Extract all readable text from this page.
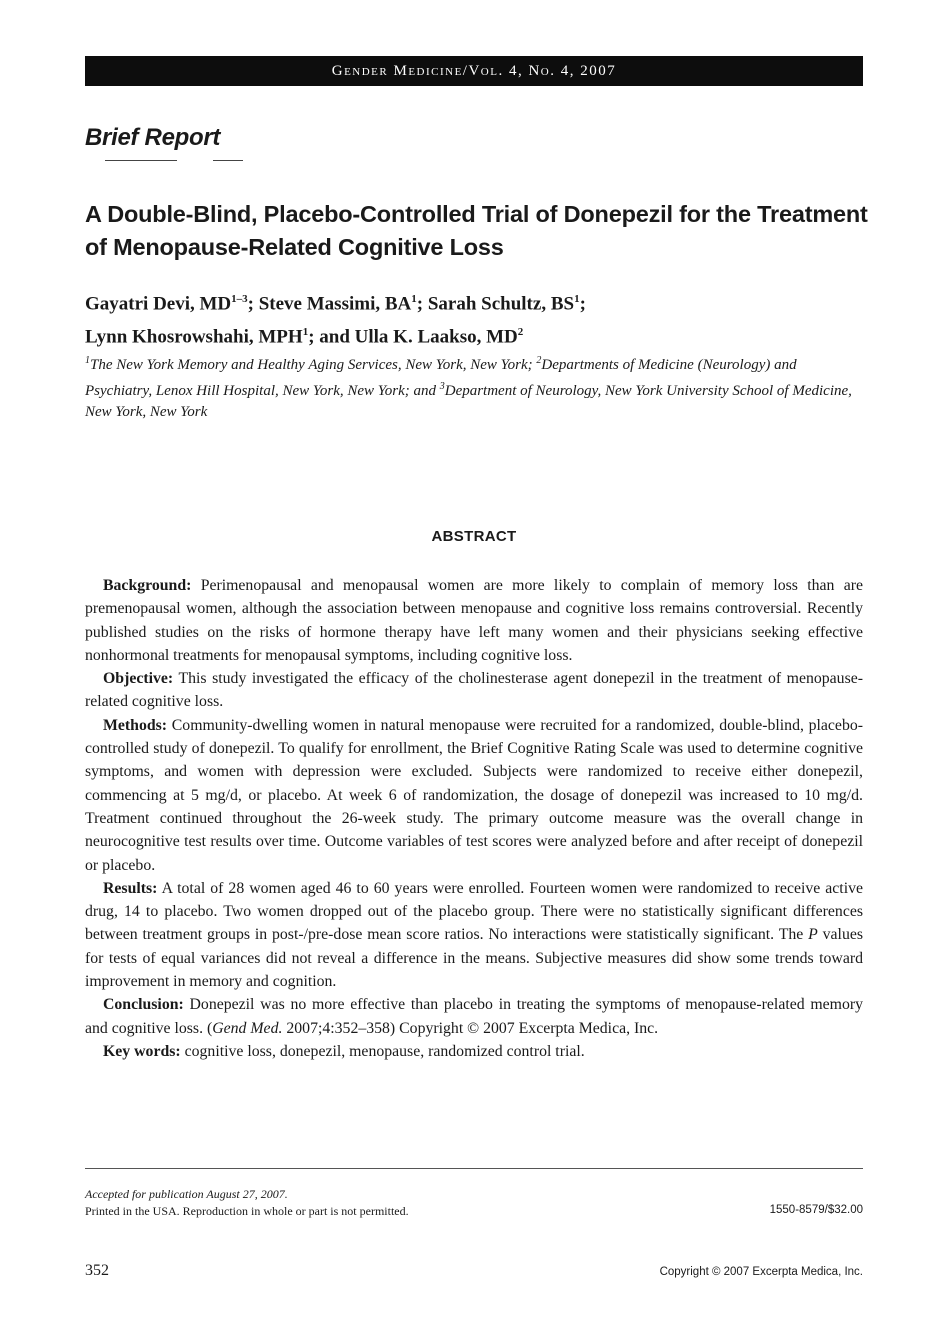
Gender Medicine/Vol. 4, No. 4, 2007
Brief Report
A Double-Blind, Placebo-Controlled Trial of Donepezil for the Treatment of Menopause-Related Cognitive Loss
Gayatri Devi, MD$^{1-3}$; Steve Massimi, $BA^1$; Sarah Schultz, $BS^1$;
Lynn Khosrowshahi, MPH$^1$; and Ulla K. Laakso, $MD^2$
$^1$The New York Memory and Healthy Aging Services, New York, New York; $^2$Departments of Medicine (Neurology) and Psychiatry, Lenox Hill Hospital, New York, New York; and $^3$Department of Neurology, New York University School of Medicine, New York, New York
ABSTRACT

Background: Perimenopausal and menopausal women are more likely to complain of memory loss than are premenopausal women, although the association between menopause and cognitive loss remains controversial. Recently published studies on the risks of hormone therapy have left many women and their physicians seeking effective nonhormonal treatments for menopausal symptoms, including cognitive loss.

Objective: This study investigated the efficacy of the cholinesterase agent donepezil in the treatment of menopause-related cognitive loss.

Methods: Community-dwelling women in natural menopause were recruited for a randomized, double-blind, placebo-controlled study of donepezil. To qualify for enrollment, the Brief Cognitive Rating Scale was used to determine cognitive symptoms, and women with depression were excluded. Subjects were randomized to receive either donepezil, commencing at 5 mg/d, or placebo. At week 6 of randomization, the dosage of donepezil was increased to 10 mg/d. Treatment continued throughout the 26-week study. The primary outcome measure was the overall change in neurocognitive test results over time. Outcome variables of test scores were analyzed before and after receipt of donepezil or placebo.

Results: A total of 28 women aged 46 to 60 years were enrolled. Fourteen women were randomized to receive active drug, 14 to placebo. Two women dropped out of the placebo group. There were no statistically significant differences between treatment groups in post-/pre-dose mean score ratios. No interactions were statistically significant. The P values for tests of equal variances did not reveal a difference in the means. Subjective measures did show some trends toward improvement in memory and cognition.

Conclusion: Donepezil was no more effective than placebo in treating the symptoms of menopause-related memory and cognitive loss. (Gend Med. 2007;4:352–358) Copyright © 2007 Excerpta Medica, Inc.

Key words: cognitive loss, donepezil, menopause, randomized control trial.

Accepted for publication August 27, 2007.
Printed in the USA. Reproduction in whole or part is not permitted.	1550-8579/$32.00
352	Copyright © 2007 Excerpta Medica, Inc.
